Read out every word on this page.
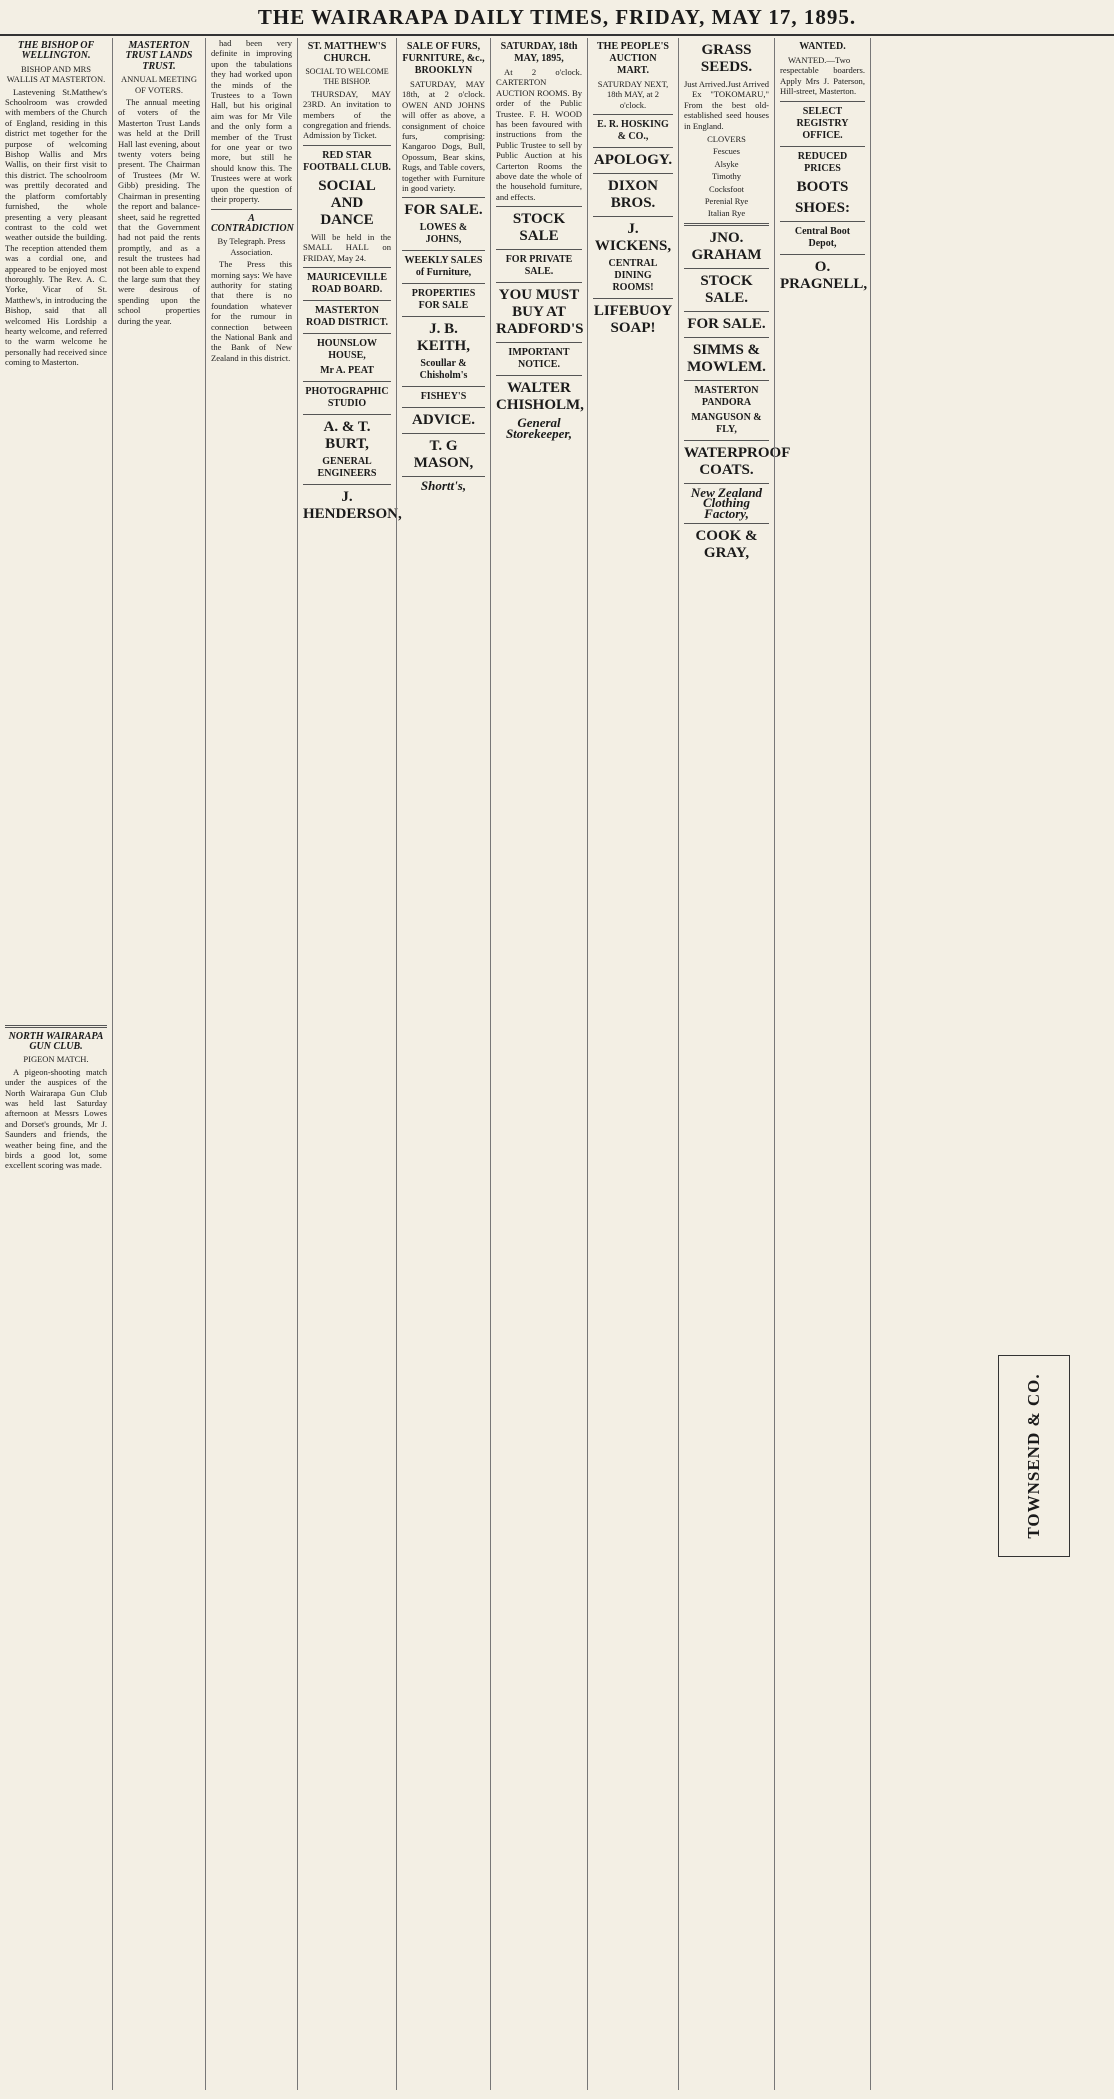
THE WAIRARAPA DAILY TIMES, FRIDAY, MAY 17, 1895.
THE BISHOP OF WELLINGTON.
BISHOP AND MRS WALLIS AT MASTERTON.

Lastevening St.Matthew's Schoolroom was crowded with members of the Church of England, residing in this district met together for the purpose of welcoming Bishop Wallis and Mrs Wallis, on their first visit to this district. The schoolroom was prettily decorated and the platform comfortably furnished, the whole presenting a very pleasant contrast to the cold wet weather outside the building. The reception attended them was a cordial one, and appeared to be enjoyed most thoroughly. The Rev. A. C. Yorke, Vicar of St. Matthew's, in introducing the Bishop, said that all welcomed His Lordship a hearty welcome, and referred to the warm welcome he personally had received since coming to Masterton.

NORTH WAIRARAPA GUN CLUB.
PIGEON MATCH.

A pigeon-shooting match under the auspices of the North Wairarapa Gun Club was held last Saturday afternoon at Messrs Lowes and Dorset's grounds, Mr J. Saunders and friends, the weather being fine, and the birds a good lot, some excellent scoring was made.

MASTERTON TRUST LANDS TRUST.
ANNUAL MEETING OF VOTERS.

The annual meeting of voters of the Masterton Trust Lands was held at the Drill Hall last evening, about twenty voters being present. The Chairman of Trustees (Mr W. Gibb) presiding. The Chairman in presenting the report and balance-sheet, said he regretted that the Government had not paid the rents promptly, and as a result the trustees had not been able to expend the large sum that they were desirous of spending upon the school properties during the year.

had been very definite in improving upon the tabulations they had worked upon the minds of the Trustees to a Town Hall, but his original aim was for Mr Vile and the only form a member of the Trust for one year or two more, but still he should know this. The Trustees were at work upon the question of their property.

A CONTRADICTION
By Telegraph. Press Association.

The Press this morning says: We have authority for stating that there is no foundation whatever for the rumour in connection between the National Bank and the Bank of New Zealand in this district.

ST. MATTHEW'S CHURCH.
SOCIAL TO WELCOME THE BISHOP.

THURSDAY, MAY 23RD. An invitation to members of the congregation and friends. Admission by Ticket.

RED STAR FOOTBALL CLUB.
SOCIAL AND DANCE

Will be held in the SMALL HALL on FRIDAY, May 24.

MAURICEVILLE ROAD BOARD.
MASTERTON ROAD DISTRICT.
HOUNSLOW HOUSE,
Mr A. PEAT
PHOTOGRAPHIC STUDIO
A. & T. BURT,
GENERAL ENGINEERS
J. HENDERSON,
SALE OF FURS, FURNITURE, &c., BROOKLYN

SATURDAY, MAY 18th, at 2 o'clock. OWEN AND JOHNS will offer as above, a consignment of choice furs, comprising: Kangaroo Dogs, Bull, Opossum, Bear skins, Rugs, and Table covers, together with Furniture in good variety.

FOR SALE.
LOWES & JOHNS,
WEEKLY SALES of Furniture,
PROPERTIES FOR SALE
J. B. KEITH,
Scoullar & Chisholm's
FISHEY'S
ADVICE.
T. G MASON,
Shortt's,
SATURDAY, 18th MAY, 1895,

At 2 o'clock. CARTERTON AUCTION ROOMS. By order of the Public Trustee. F. H. WOOD has been favoured with instructions from the Public Trustee to sell by Public Auction at his Carterton Rooms the above date the whole of the household furniture, and effects.

STOCK SALE
FOR PRIVATE SALE.
YOU MUST BUY AT RADFORD'S
IMPORTANT NOTICE.
WALTER CHISHOLM,
General Storekeeper,
THE PEOPLE'S AUCTION MART.
SATURDAY NEXT, 18th MAY, at 2 o'clock.
E. R. HOSKING & CO.,
APOLOGY.
DIXON BROS.
J. WICKENS,
CENTRAL DINING ROOMS!
LIFEBUOY SOAP!
GRASS SEEDS.
Just Arrived. Just Arrived

Ex "TOKOMARU," From the best old-established seed houses in England.

CLOVERS
Fescues
Alsyke
Timothy
Cocksfoot
Perenial Rye
Italian Rye
JNO. GRAHAM
STOCK SALE.
FOR SALE.
SIMMS & MOWLEM.
MASTERTON PANDORA
MANGUSON & FLY,
WATERPROOF COATS.
New Zealand Clothing Factory,
COOK & GRAY,
WANTED.

WANTED.—Two respectable boarders. Apply Mrs J. Paterson, Hill-street, Masterton.

SELECT REGISTRY OFFICE.
REDUCED PRICES
BOOTS
SHOES:
Central Boot Depot,
O. PRAGNELL,
TOWNSEND & CO.
